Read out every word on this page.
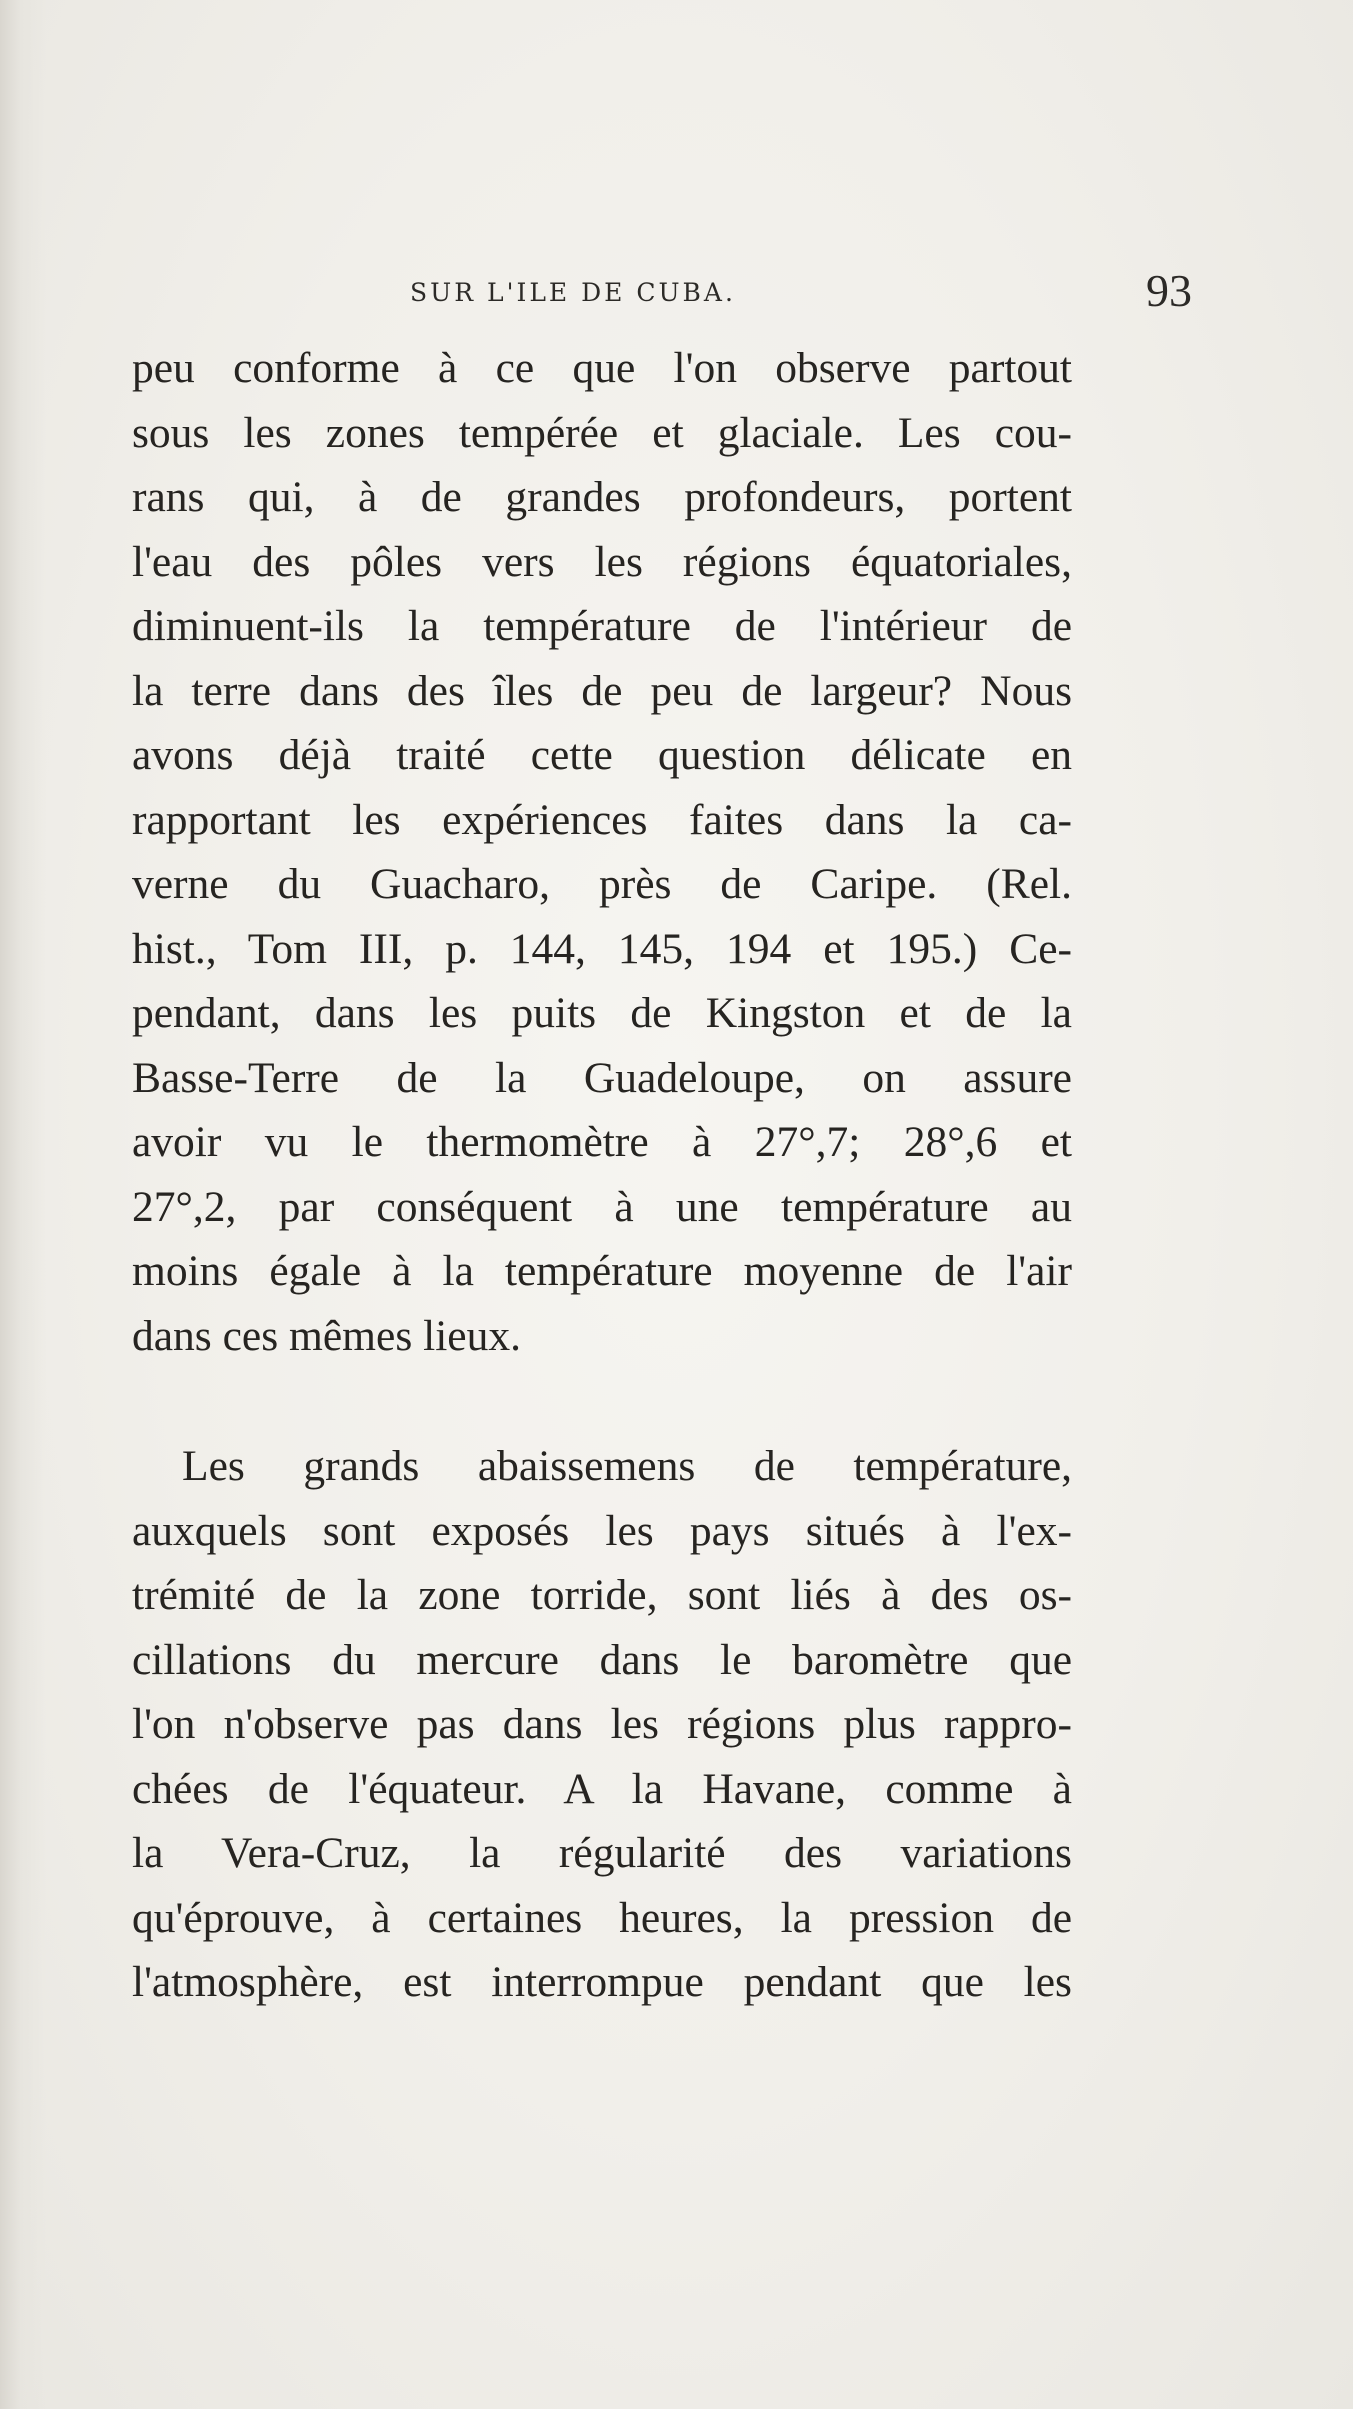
SUR L'ILE DE CUBA.	93
peu conforme à ce que l'on observe partout
sous les zones tempérée et glaciale. Les cou-
rans qui, à de grandes profondeurs, portent
l'eau des pôles vers les régions équatoriales,
diminuent-ils la température de l'intérieur de
la terre dans des îles de peu de largeur? Nous
avons déjà traité cette question délicate en
rapportant les expériences faites dans la ca-
verne du Guacharo, près de Caripe. (Rel.
hist., Tom III, p. 144, 145, 194 et 195.) Ce-
pendant, dans les puits de Kingston et de la
Basse-Terre de la Guadeloupe, on assure
avoir vu le thermomètre à 27°,7; 28°,6 et
27°,2, par conséquent à une température au
moins égale à la température moyenne de l'air
dans ces mêmes lieux.
Les grands abaissemens de température,
auxquels sont exposés les pays situés à l'ex-
trémité de la zone torride, sont liés à des os-
cillations du mercure dans le baromètre que
l'on n'observe pas dans les régions plus rappro-
chées de l'équateur. A la Havane, comme à
la Vera-Cruz, la régularité des variations
qu'éprouve, à certaines heures, la pression de
l'atmosphère, est interrompue pendant que les
